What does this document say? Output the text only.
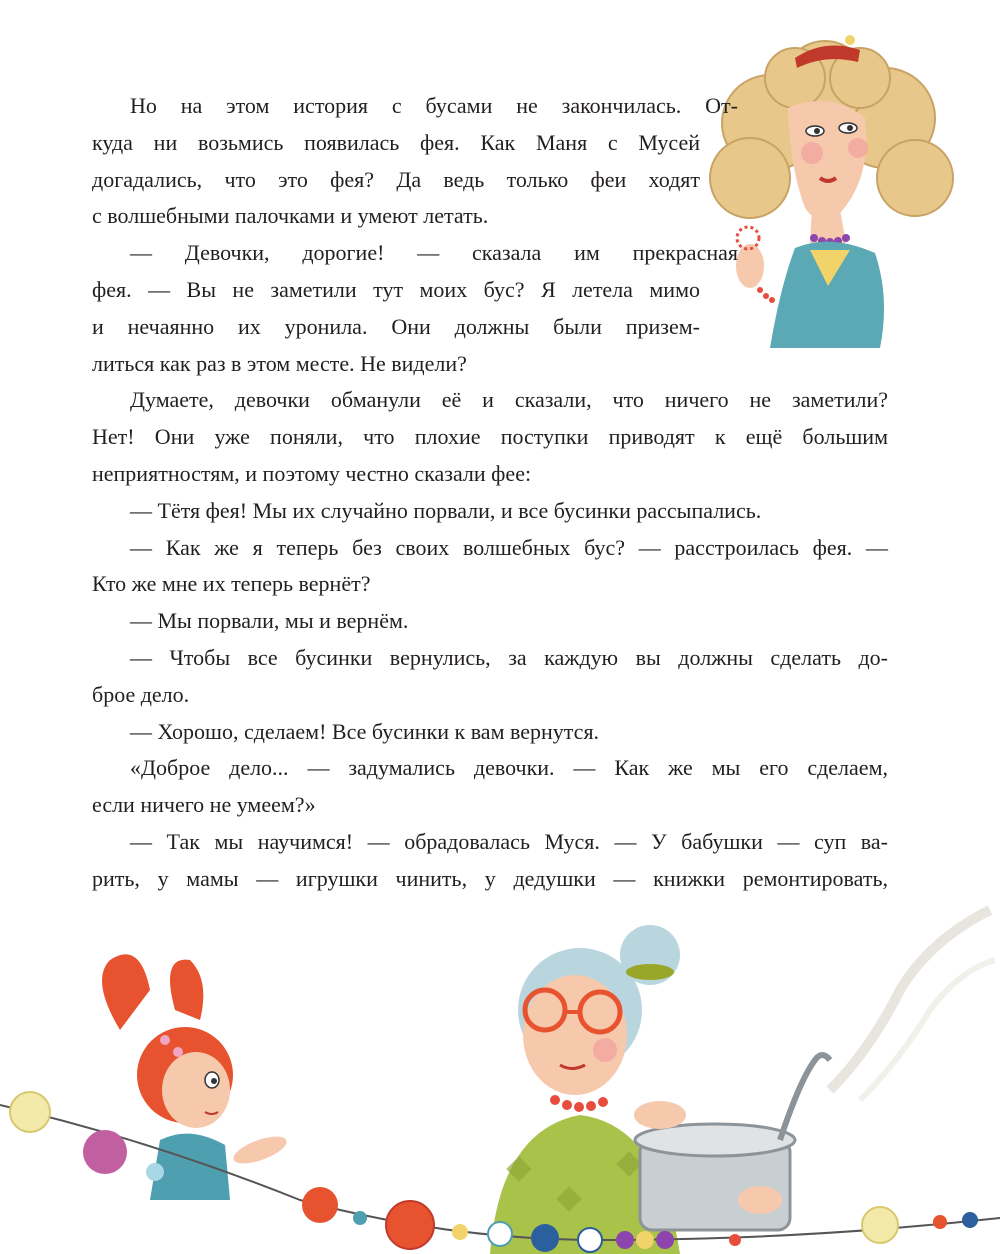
Но на этом история с бусами не закончилась. От-
куда ни возьмись появилась фея. Как Маня с Мусей
догадались, что это фея? Да ведь только феи ходят
с волшебными палочками и умеют летать.
— Девочки, дорогие! — сказала им прекрасная
фея. — Вы не заметили тут моих бус? Я летела мимо
и нечаянно их уронила. Они должны были призем-
литься как раз в этом месте. Не видели?
Думаете, девочки обманули её и сказали, что ничего не заметили?
Нет! Они уже поняли, что плохие поступки приводят к ещё большим
неприятностям, и поэтому честно сказали фее:
— Тётя фея! Мы их случайно порвали, и все бусинки рассыпались.
— Как же я теперь без своих волшебных бус? — расстроилась фея. —
Кто же мне их теперь вернёт?
— Мы порвали, мы и вернём.
— Чтобы все бусинки вернулись, за каждую вы должны сделать до-
брое дело.
— Хорошо, сделаем! Все бусинки к вам вернутся.
«Доброе дело... — задумались девочки. — Как же мы его сделаем,
если ничего не умеем?»
— Так мы научимся! — обрадовалась Муся. — У бабушки — суп ва-
рить, у мамы — игрушки чинить, у дедушки — книжки ремонтировать,
